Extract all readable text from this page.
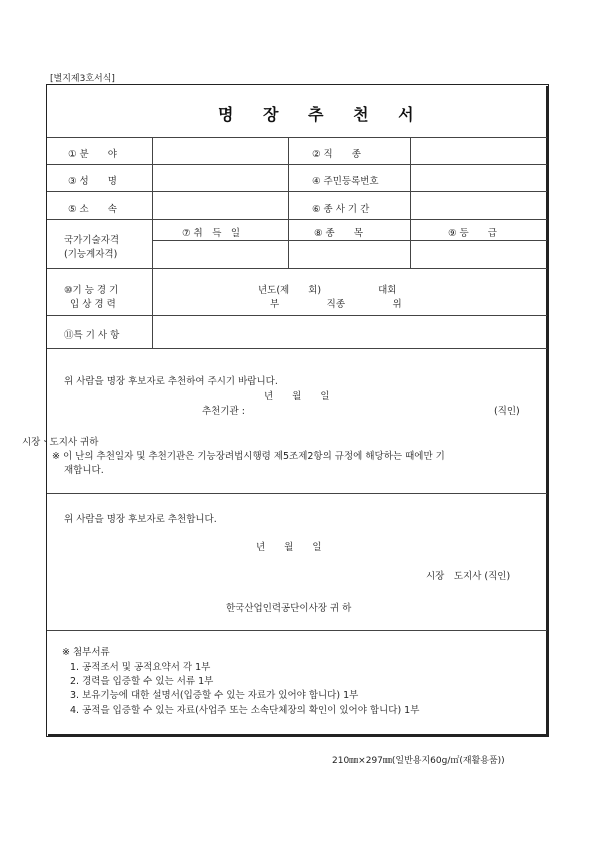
[별지제3호서식]
명 장 추 천 서
① 분　　야	② 직　　종
③ 성　　명	④ 주민등록번호
⑤ 소　　속	⑥ 종 사 기 간
국가기술자격
(기능계자격)
⑦ 취　득　일	⑧ 종　　목	⑨ 등　　급
⑩기 능 경 기
입 상 경 력
년도(제　　회)　　　　　　대회
부　　　　　직종　　　　　위
⑪특 기 사 항
위 사람을 명장 후보자로 추천하여 주시기 바랍니다.
년　　월　　일
추천기관 :	(직인)
시장ㆍ도지사 귀하
※ 이 난의 추천일자 및 추천기관은 기능장려법시행령 제5조제2항의 규정에 해당하는 때에만 기
재합니다.
위 사람을 명장 후보자로 추천합니다.
년　　월　　일
시장　도지사 (직인)
한국산업인력공단이사장 귀 하
※ 첨부서류
1. 공적조서 및 공적요약서 각 1부
2. 경력을 입증할 수 있는 서류 1부
3. 보유기능에 대한 설명서(입증할 수 있는 자료가 있어야 합니다) 1부
4. 공적을 입증할 수 있는 자료(사업주 또는 소속단체장의 확인이 있어야 합니다) 1부
210㎜×297㎜(일반용지60g/㎡(재활용품))
